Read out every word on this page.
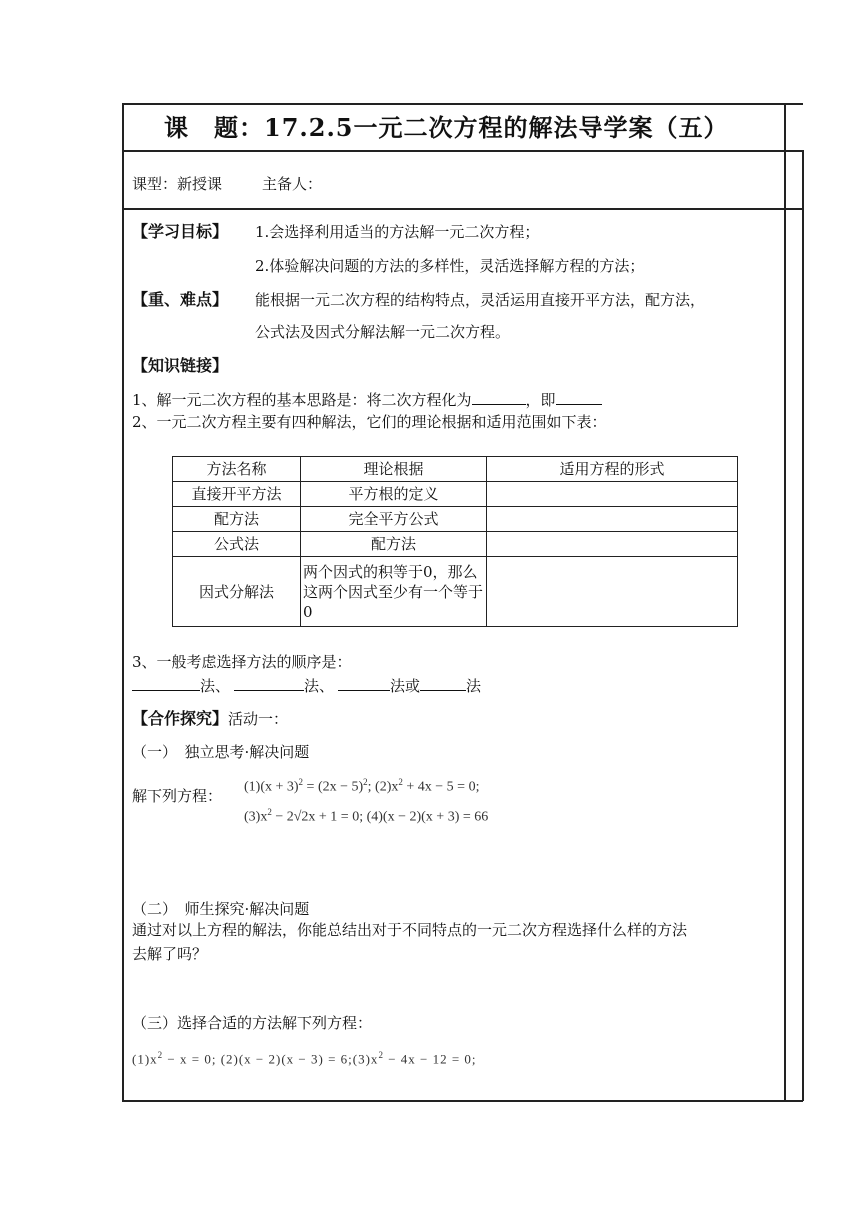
课　题：17.2.5一元二次方程的解法导学案（五）
课型：新授课	主备人：
【学习目标】 1.会选择利用适当的方法解一元二次方程；
2.体验解决问题的方法的多样性，灵活选择解方程的方法；
【重、难点】 能根据一元二次方程的结构特点，灵活运用直接开平方法，配方法，
公式法及因式分解法解一元二次方程。
【知识链接】
1、解一元二次方程的基本思路是：将二次方程化为	，即
2、一元二次方程主要有四种解法，它们的理论根据和适用范围如下表：
方法名称	理论根据	适用方程的形式
直接开平方法	平方根的定义	
配方法	完全平方公式	
公式法	配方法	
因式分解法	两个因式的积等于0，那么这两个因式至少有一个等于0	
3、一般考虑选择方法的顺序是：
法、	法、	法或	法
【合作探究】活动一：
（一）　独立思考·解决问题
解下列方程： $(1)(x + 3)^2 = (2x - 5)^2$; $(2)x^2 + 4x - 5 = 0$;
$(3)x^2 - 2√2x + 1 = 0$; (4)(x − 2)(x + 3) = 66
（二）　师生探究·解决问题
通过对以上方程的解法，你能总结出对于不同特点的一元二次方程选择什么样的方法
去解了吗？
（三）选择合适的方法解下列方程：
$(1)x^2 - x = 0$; $(2)(x - 2)(x - 3) = 6;(3)x^2 - 4x - 12 = 0$;
